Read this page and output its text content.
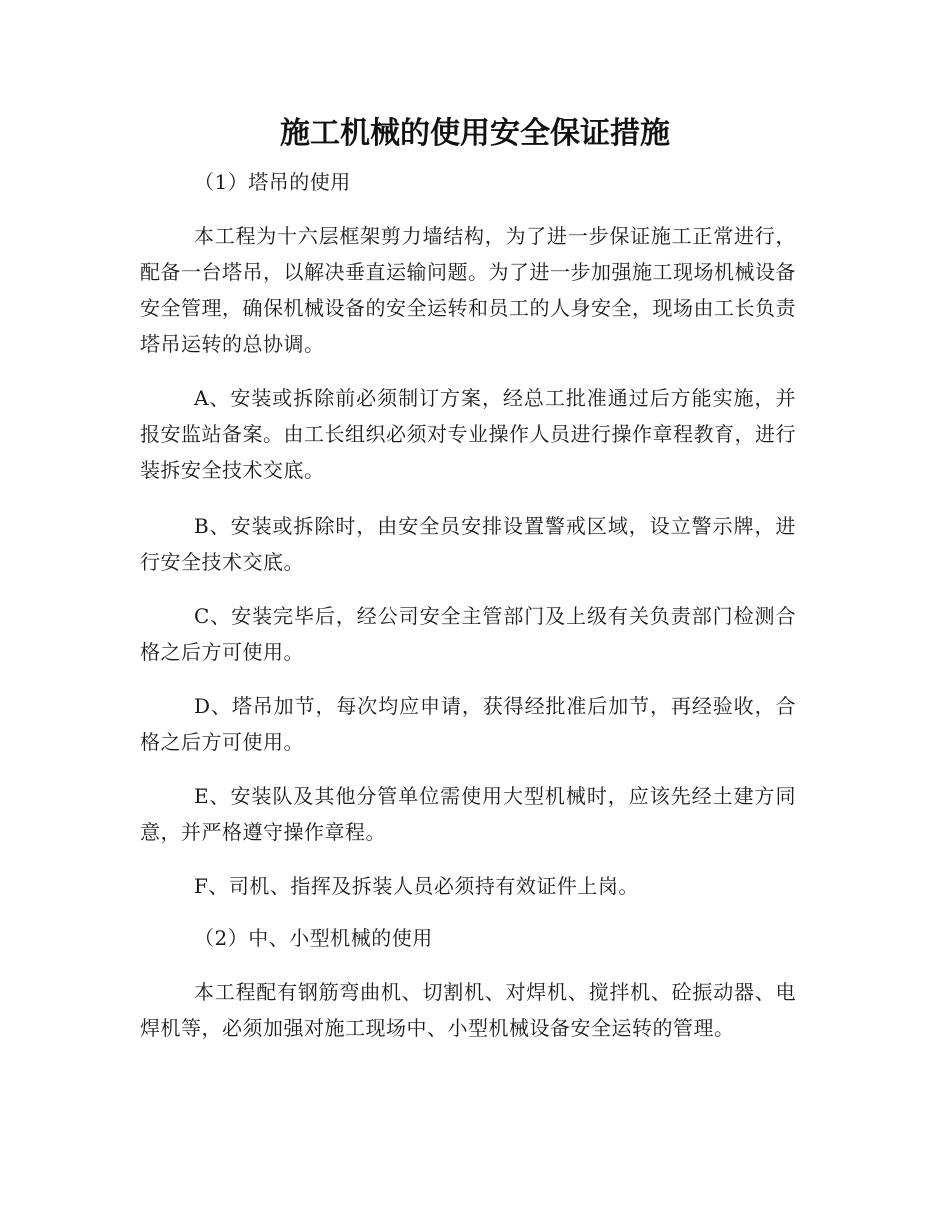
施工机械的使用安全保证措施

（1）塔吊的使用

本工程为十六层框架剪力墙结构，为了进一步保证施工正常进行，配备一台塔吊，以解决垂直运输问题。为了进一步加强施工现场机械设备安全管理，确保机械设备的安全运转和员工的人身安全，现场由工长负责塔吊运转的总协调。

A、安装或拆除前必须制订方案，经总工批准通过后方能实施，并报安监站备案。由工长组织必须对专业操作人员进行操作章程教育，进行装拆安全技术交底。

B、安装或拆除时，由安全员安排设置警戒区域，设立警示牌，进行安全技术交底。

C、安装完毕后，经公司安全主管部门及上级有关负责部门检测合格之后方可使用。

D、塔吊加节，每次均应申请，获得经批准后加节，再经验收，合格之后方可使用。

E、安装队及其他分管单位需使用大型机械时，应该先经土建方同意，并严格遵守操作章程。

F、司机、指挥及拆装人员必须持有效证件上岗。

（2）中、小型机械的使用

本工程配有钢筋弯曲机、切割机、对焊机、搅拌机、砼振动器、电焊机等，必须加强对施工现场中、小型机械设备安全运转的管理。
